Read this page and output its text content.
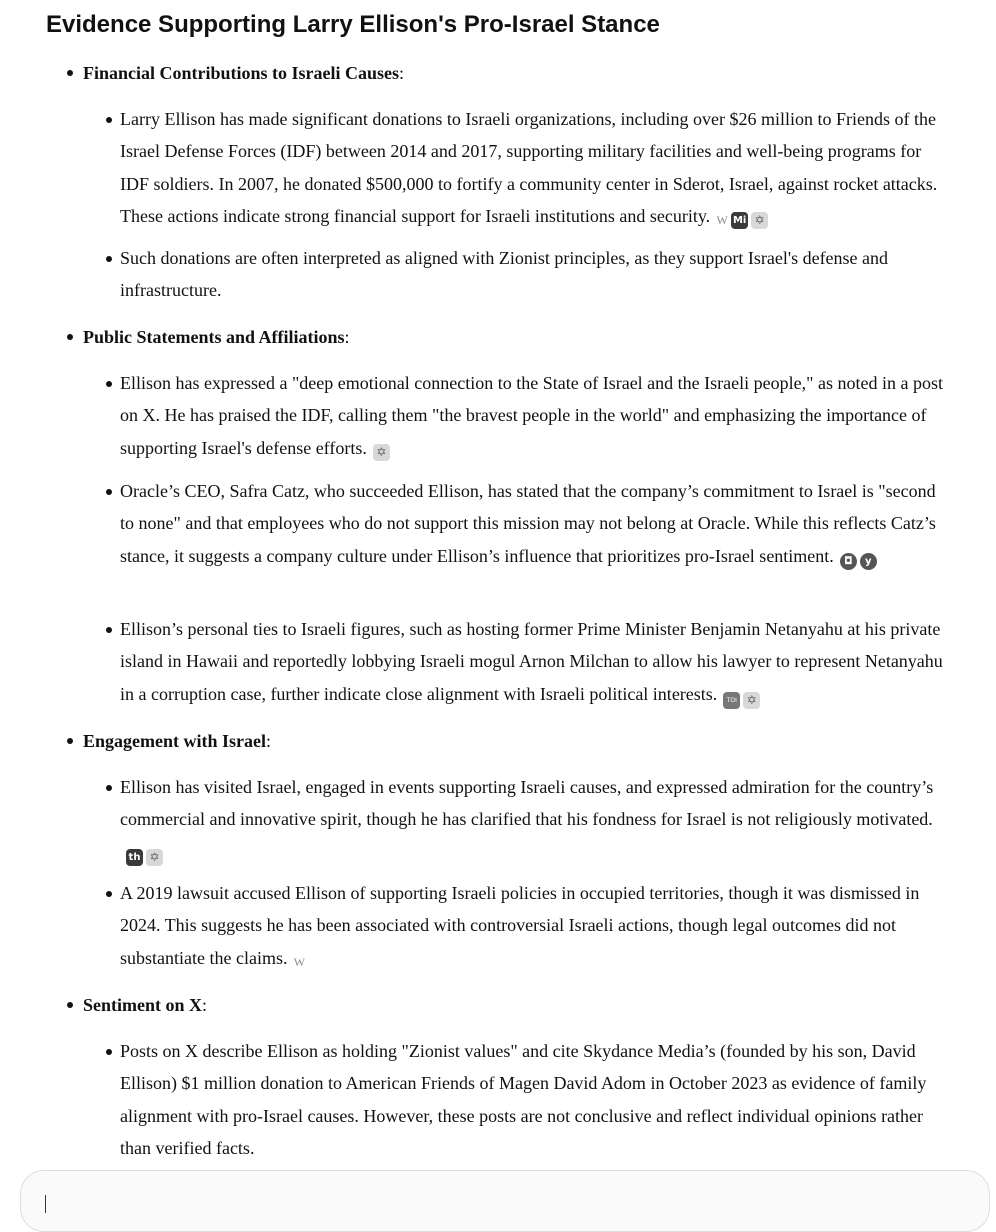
Evidence Supporting Larry Ellison's Pro-Israel Stance
Financial Contributions to Israeli Causes:
Larry Ellison has made significant donations to Israeli organizations, including over $26 million to Friends of the Israel Defense Forces (IDF) between 2014 and 2017, supporting military facilities and well-being programs for IDF soldiers. In 2007, he donated $500,000 to fortify a community center in Sderot, Israel, against rocket attacks. These actions indicate strong financial support for Israeli institutions and security. W Mi ✡
Such donations are often interpreted as aligned with Zionist principles, as they support Israel's defense and infrastructure.
Public Statements and Affiliations:
Ellison has expressed a "deep emotional connection to the State of Israel and the Israeli people," as noted in a post on X. He has praised the IDF, calling them "the bravest people in the world" and emphasizing the importance of supporting Israel's defense efforts. ✡
Oracle’s CEO, Safra Catz, who succeeded Ellison, has stated that the company’s commitment to Israel is "second to none" and that employees who do not support this mission may not belong at Oracle. While this reflects Catz’s stance, it suggests a company culture under Ellison’s influence that prioritizes pro-Israel sentiment.	◘	y
Ellison’s personal ties to Israeli figures, such as hosting former Prime Minister Benjamin Netanyahu at his private island in Hawaii and reportedly lobbying Israeli mogul Arnon Milchan to allow his lawyer to represent Netanyahu in a corruption case, further indicate close alignment with Israeli political interests.	TOI ✡
Engagement with Israel:
Ellison has visited Israel, engaged in events supporting Israeli causes, and expressed admiration for the country’s commercial and innovative spirit, though he has clarified that his fondness for Israel is not religiously motivated.
th ✡
A 2019 lawsuit accused Ellison of supporting Israeli policies in occupied territories, though it was dismissed in 2024. This suggests he has been associated with controversial Israeli actions, though legal outcomes did not substantiate the claims. W
Sentiment on X:
Posts on X describe Ellison as holding "Zionist values" and cite Skydance Media’s (founded by his son, David Ellison) $1 million donation to American Friends of Magen David Adom in October 2023 as evidence of family alignment with pro-Israel causes. However, these posts are not conclusive and reflect individual opinions rather than verified facts.
